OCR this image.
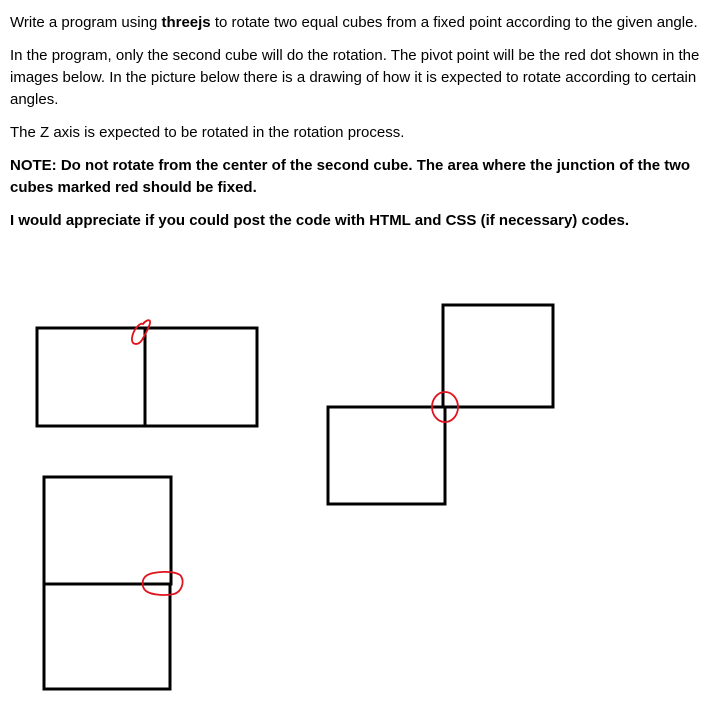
Write a program using threejs to rotate two equal cubes from a fixed point according to the given angle.

In the program, only the second cube will do the rotation. The pivot point will be the red dot shown in the images below. In the picture below there is a drawing of how it is expected to rotate according to certain angles.

The Z axis is expected to be rotated in the rotation process.

NOTE: Do not rotate from the center of the second cube. The area where the junction of the two cubes marked red should be fixed.

I would appreciate if you could post the code with HTML and CSS (if necessary) codes.
